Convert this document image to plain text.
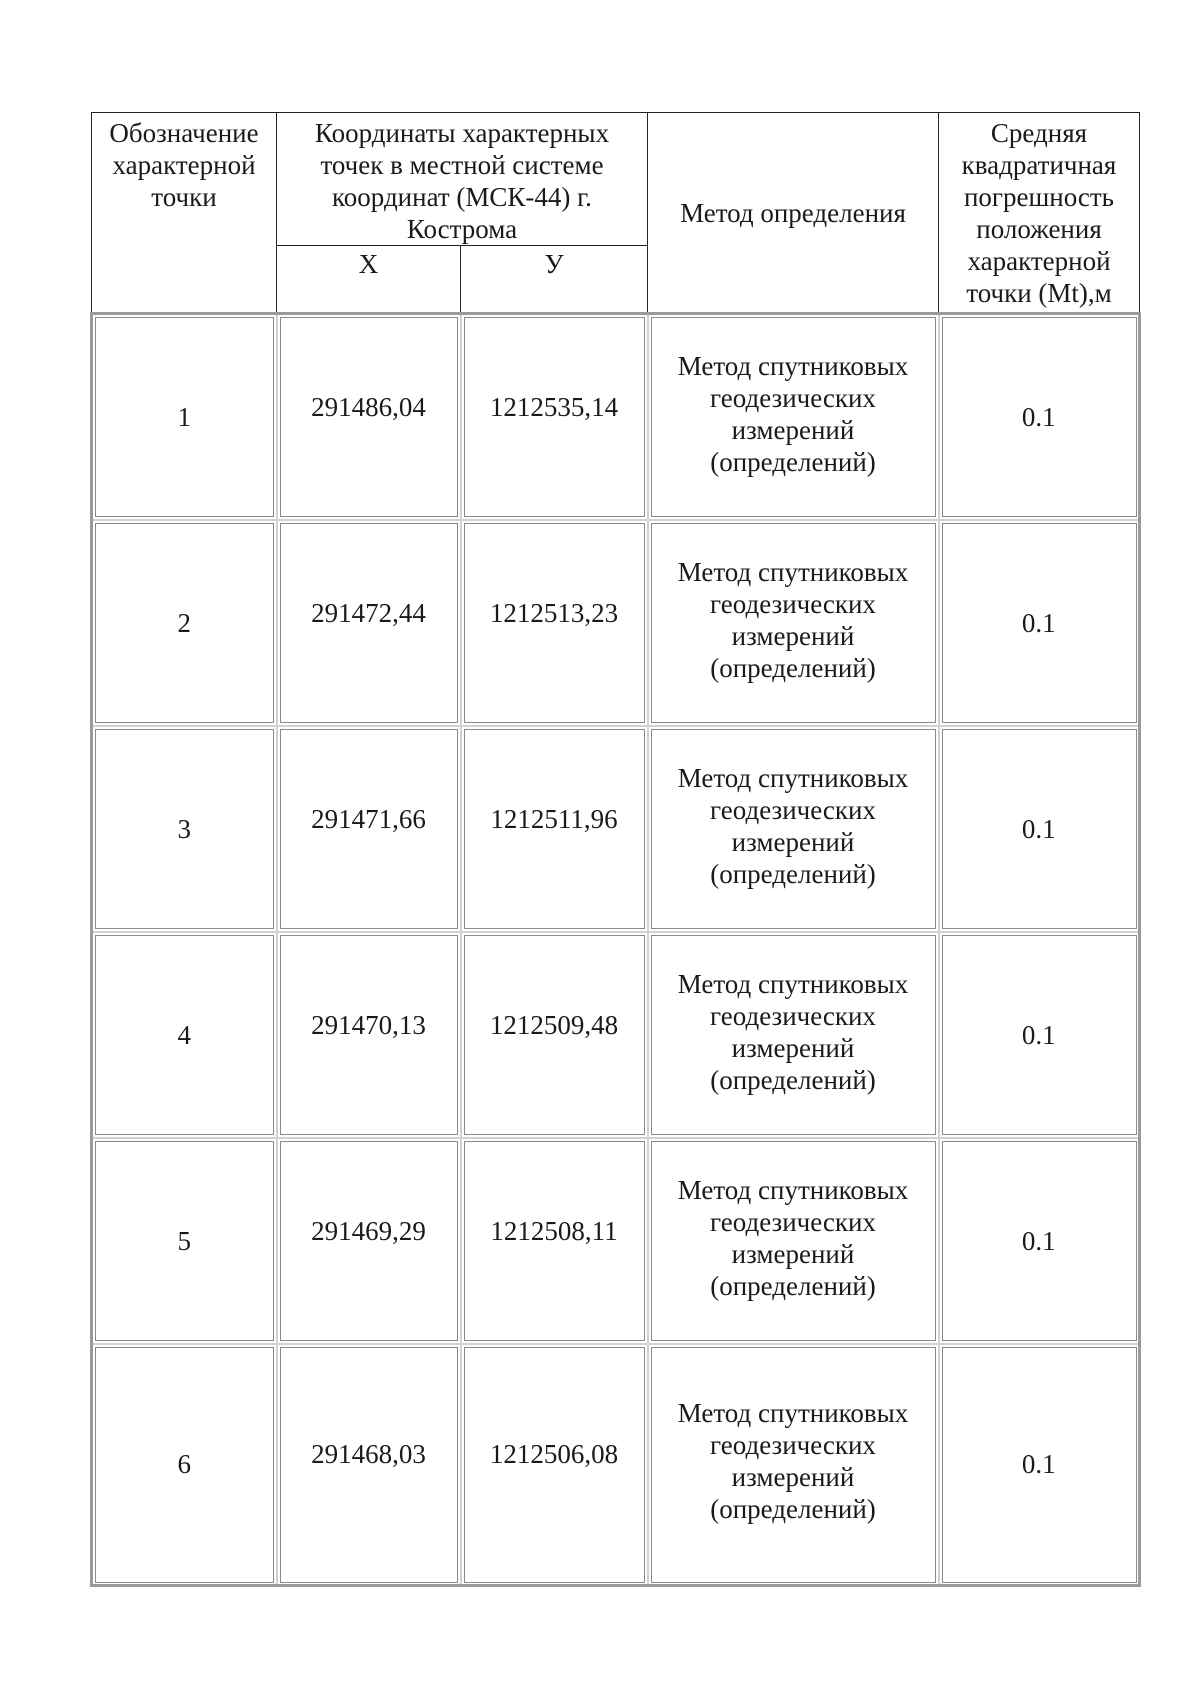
Обозначение характерной точки	Координаты характерных точек в местной системе координат (МСК-44) г. Кострома		Метод определения	Средняя квадратичная погрешность положения характерной точки (Mt),м
	Х	У		
1	291486,04	1212535,14	Метод спутниковых геодезических измерений (определений)	0.1
2	291472,44	1212513,23	Метод спутниковых геодезических измерений (определений)	0.1
3	291471,66	1212511,96	Метод спутниковых геодезических измерений (определений)	0.1
4	291470,13	1212509,48	Метод спутниковых геодезических измерений (определений)	0.1
5	291469,29	1212508,11	Метод спутниковых геодезических измерений (определений)	0.1
6	291468,03	1212506,08	Метод спутниковых геодезических измерений (определений)	0.1
